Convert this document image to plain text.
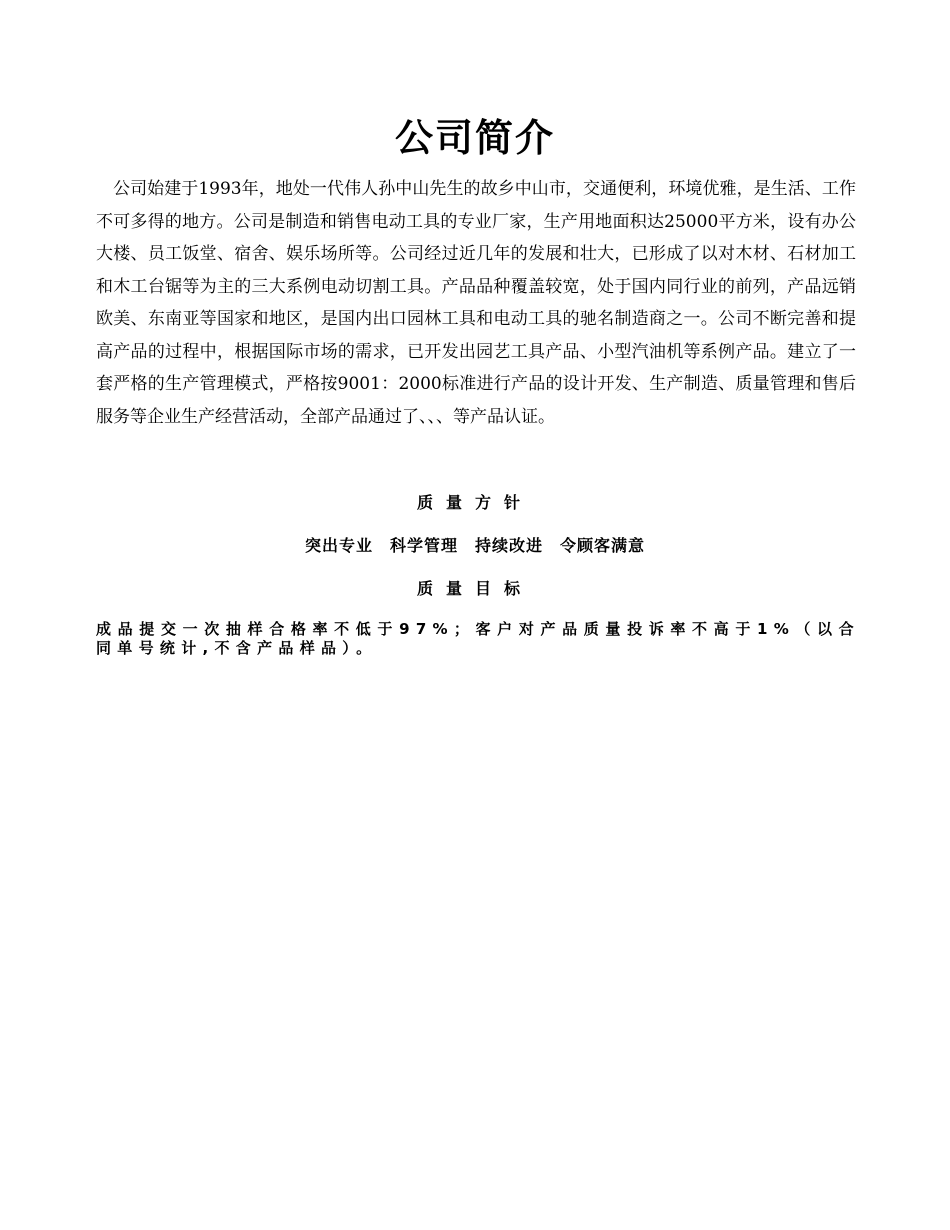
公司简介

公司始建于1993年，地处一代伟人孙中山先生的故乡中山市，交通便利，环境优雅，是生活、工作不可多得的地方。公司是制造和销售电动工具的专业厂家，生产用地面积达25000平方米，设有办公大楼、员工饭堂、宿舍、娱乐场所等。公司经过近几年的发展和壮大，已形成了以对木材、石材加工和木工台锯等为主的三大系例电动切割工具。产品品种覆盖较宽，处于国内同行业的前列，产品远销欧美、东南亚等国家和地区，是国内出口园林工具和电动工具的驰名制造商之一。公司不断完善和提高产品的过程中，根据国际市场的需求，已开发出园艺工具产品、小型汽油机等系例产品。建立了一套严格的生产管理模式，严格按9001：2000标准进行产品的设计开发、生产制造、质量管理和售后服务等企业生产经营活动，全部产品通过了、、、等产品认证。

质量方针
突出专业　科学管理　持续改进　令顾客满意
质量目标

成品提交一次抽样合格率不低于97%；客户对产品质量投诉率不高于1%（以合同单号统计,不含产品样品）。
